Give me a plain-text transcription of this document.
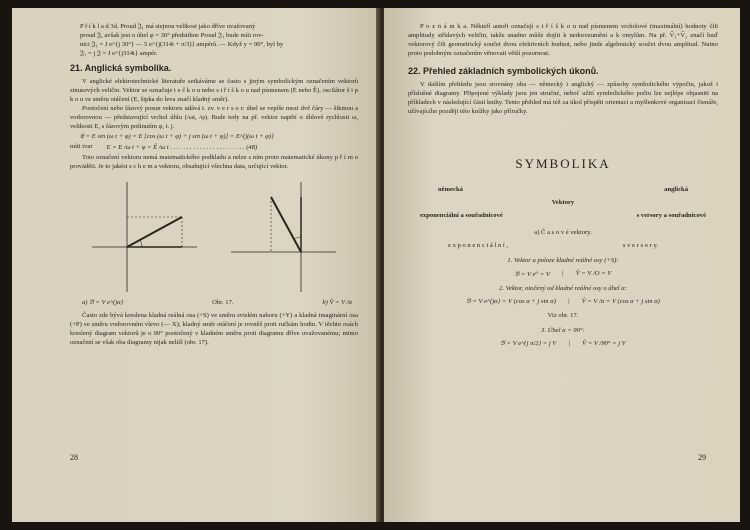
P ř í k l a d 3d. Proud 𝔍₁ má stejnou velikost jako dříve uvažovaný

proud 𝔍, avšak jest o úhel φ = 30° předstihne Proud 𝔍₁ bude míti rov-

nici 𝔍₁ = J e^{j 30°} — 5 e^{j(314t + π/3)} ampérů. — Když y = 90°, byl by

𝔍₁ = j 𝔍 = J e^{j314t} ampér.

21. Anglická symbolika.

V anglické elektrotechnické literatuře setkáváme se často s jiným symbolickým označením vektorů sinusových veličin. Vektor se označuje t e č k o u nebo s t ř í š k o u nad písmenem (Ė nebo Ê), oscilátor š i p k o u ve směru otáčení (E, šipka do leva značí kladný směr).

Pootočení nebo fázový posun vektoru udává t. zv. v e r s o r: úhel se vepíše mezi dvě čáry — šikmou a vodorovnou — představující vrchol úhlu (/ωt, /φ). Bude tedy na př. vektor napětí o úhlové rychlosti ω, velikosti E, s fázovým pošinutím φ, t. j.

𝔈 = E sin (ω t + φ) = E [cos (ω t + φ) + j sin (ω t + φ)] = E^{j(ω t + φ)}

míti tvar E = E /ω t + φ = Ê /ω t . . . . . . . . . . . . . . . . . . . . . . . (48)

Toto označení vektoru nemá matematického podkladu a nelze s ním proto matematické úkony p ř í m o prováděti. Je to jakési s c h e m a vektoru, obsahující všechna data, určující vektor.

a) 𝔙 = V e^{jα}	Obr. 17.	b) V̂ = V /α

Často zde bývá kreslena kladná reálná osa (+S) ve směru svislém nahoru (+Y) a kladná imaginární osa (+P) ve směru vodorovném vlevo (— X); kladný směr otáčení je rovněž proti ručkám hodin. V těchto osách kreslený diagram vektorů je o 90° pootočený v kladném směru proti diagramu dříve uvažovanému; mimo označení se však oba diagramy nijak nelišl (obr. 17).

28

P o z n á m k a. Někteří autoři označují s t ř í š k o u nad písmenem vrcholové (maximální) hodnoty čili amplitudy střídavých veličin, takže snadno může dojíti k nedorozumění a k omylům. Na př. V̂₁+V̂₂ značí buď vektorový čili geometrický součet dvou efektivních hodnot, nebo jinde algebraický součet dvou amplitud. Nutno proto podobným označením věnovati větší pozornost.

22. Přehled základních symbolických úkonů.

V dalším přehledu jsou srovnány oba — německý i anglický — způsoby symbolického výpočtu, jakož i příslušné diagramy. Připojené výklady jsou jen stručné, neboť užití symbolického počtu lze nejlépe objasniti na příkladech v následující části knihy. Tento přehled má též za úkol přispěti orientaci a myšlenkové organisaci čtenáře, užívajícího později této knížky jako příručky.

SYMBOLIKA
německá	anglická
Vektory
exponenciální a souřadnicové	s versory a souřadnicové
a) Č a s o v é vektory.
e x p o n e n c i á l n í ,	s v e r s o r y.
1. Vektor u poloze kladné reálné osy (+S):
𝔙 = V e⁰ = V | V̂ = V /O = V
2. Vektor, otočený od kladné reálné osy o úhel α:
𝔙 = V e^{jα} = V (cos α + j sin α) | V̂ = V /α = V (cos α + j sin α)
Viz obr. 17.
3. Úhel α = 90°:
𝔙 = V e^{j π/2} = j V | V̂ = V /90° = j V
29
